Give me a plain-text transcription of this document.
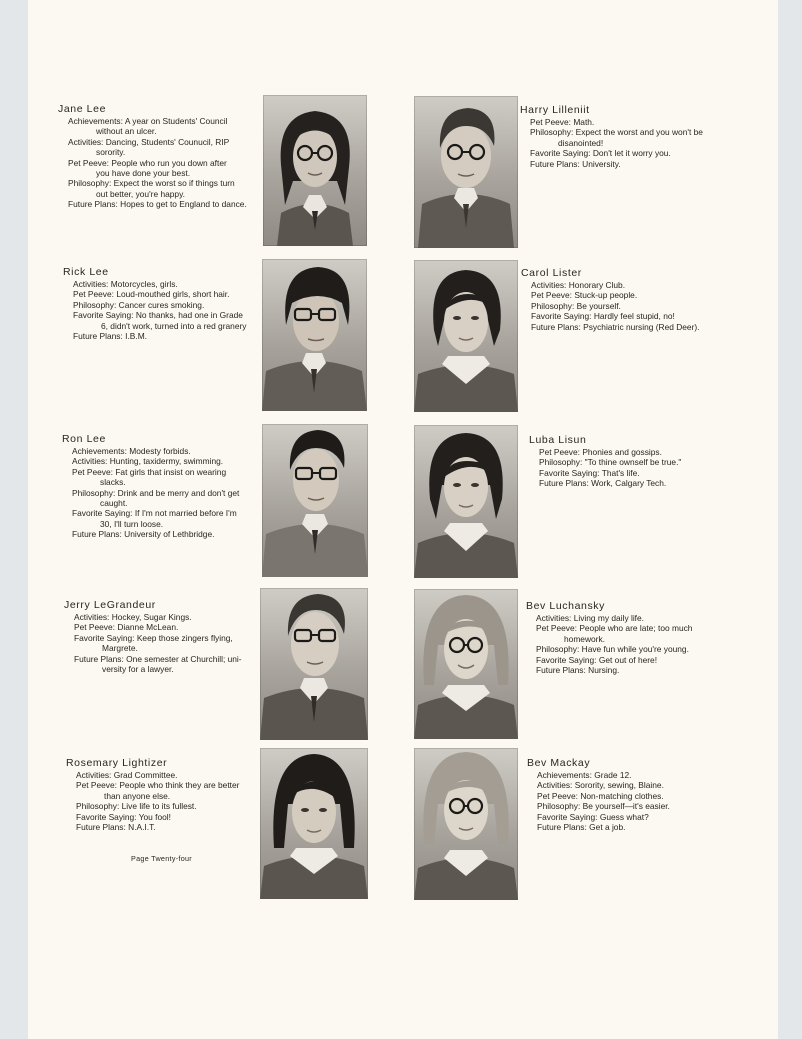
Jane Lee
Achievements: A year on Students' Council
without an ulcer.
Activities: Dancing, Students' Counucil, RIP
sorority.
Pet Peeve: People who run you down after
you have done your best.
Philosophy: Expect the worst so if things turn
out better, you're happy.
Future Plans: Hopes to get to England to dance.
Harry Lilleniit
Pet Peeve: Math.
Philosophy: Expect the worst and you won't be
disanointed!
Favorite Saying: Don't let it worry you.
Future Plans: University.
Rick Lee
Activities: Motorcycles, girls.
Pet Peeve: Loud-mouthed girls, short hair.
Philosophy: Cancer cures smoking.
Favorite Saying: No thanks, had one in Grade
6, didn't work, turned into a red granery
Future Plans: I.B.M.
Carol Lister
Activities: Honorary Club.
Pet Peeve: Stuck-up people.
Philosophy: Be yourself.
Favorite Saying: Hardly feel stupid, no!
Future Plans: Psychiatric nursing (Red Deer).
Ron Lee
Achievements: Modesty forbids.
Activities: Hunting, taxidermy, swimming.
Pet Peeve: Fat girls that insist on wearing
slacks.
Philosophy: Drink and be merry and don't get
caught.
Favorite Saying: If I'm not married before I'm
30, I'll turn loose.
Future Plans: University of Lethbridge.
Luba Lisun
Pet Peeve: Phonies and gossips.
Philosophy: "To thine ownself be true."
Favorite Saying: That's life.
Future Plans: Work, Calgary Tech.
Jerry LeGrandeur
Activities: Hockey, Sugar Kings.
Pet Peeve: Dianne McLean.
Favorite Saying: Keep those zingers flying,
Margrete.
Future Plans: One semester at Churchill; uni-
versity for a lawyer.
Bev Luchansky
Activities: Living my daily life.
Pet Peeve: People who are late; too much
homework.
Philosophy: Have fun while you're young.
Favorite Saying: Get out of here!
Future Plans: Nursing.
Rosemary Lightizer
Activities: Grad Committee.
Pet Peeve: People who think they are better
than anyone else.
Philosophy: Live life to its fullest.
Favorite Saying: You fool!
Future Plans: N.A.I.T.
Bev Mackay
Achievements: Grade 12.
Activities: Sorority, sewing, Blaine.
Pet Peeve: Non-matching clothes.
Philosophy: Be yourself—it's easier.
Favorite Saying: Guess what?
Future Plans: Get a job.
Page Twenty-four
